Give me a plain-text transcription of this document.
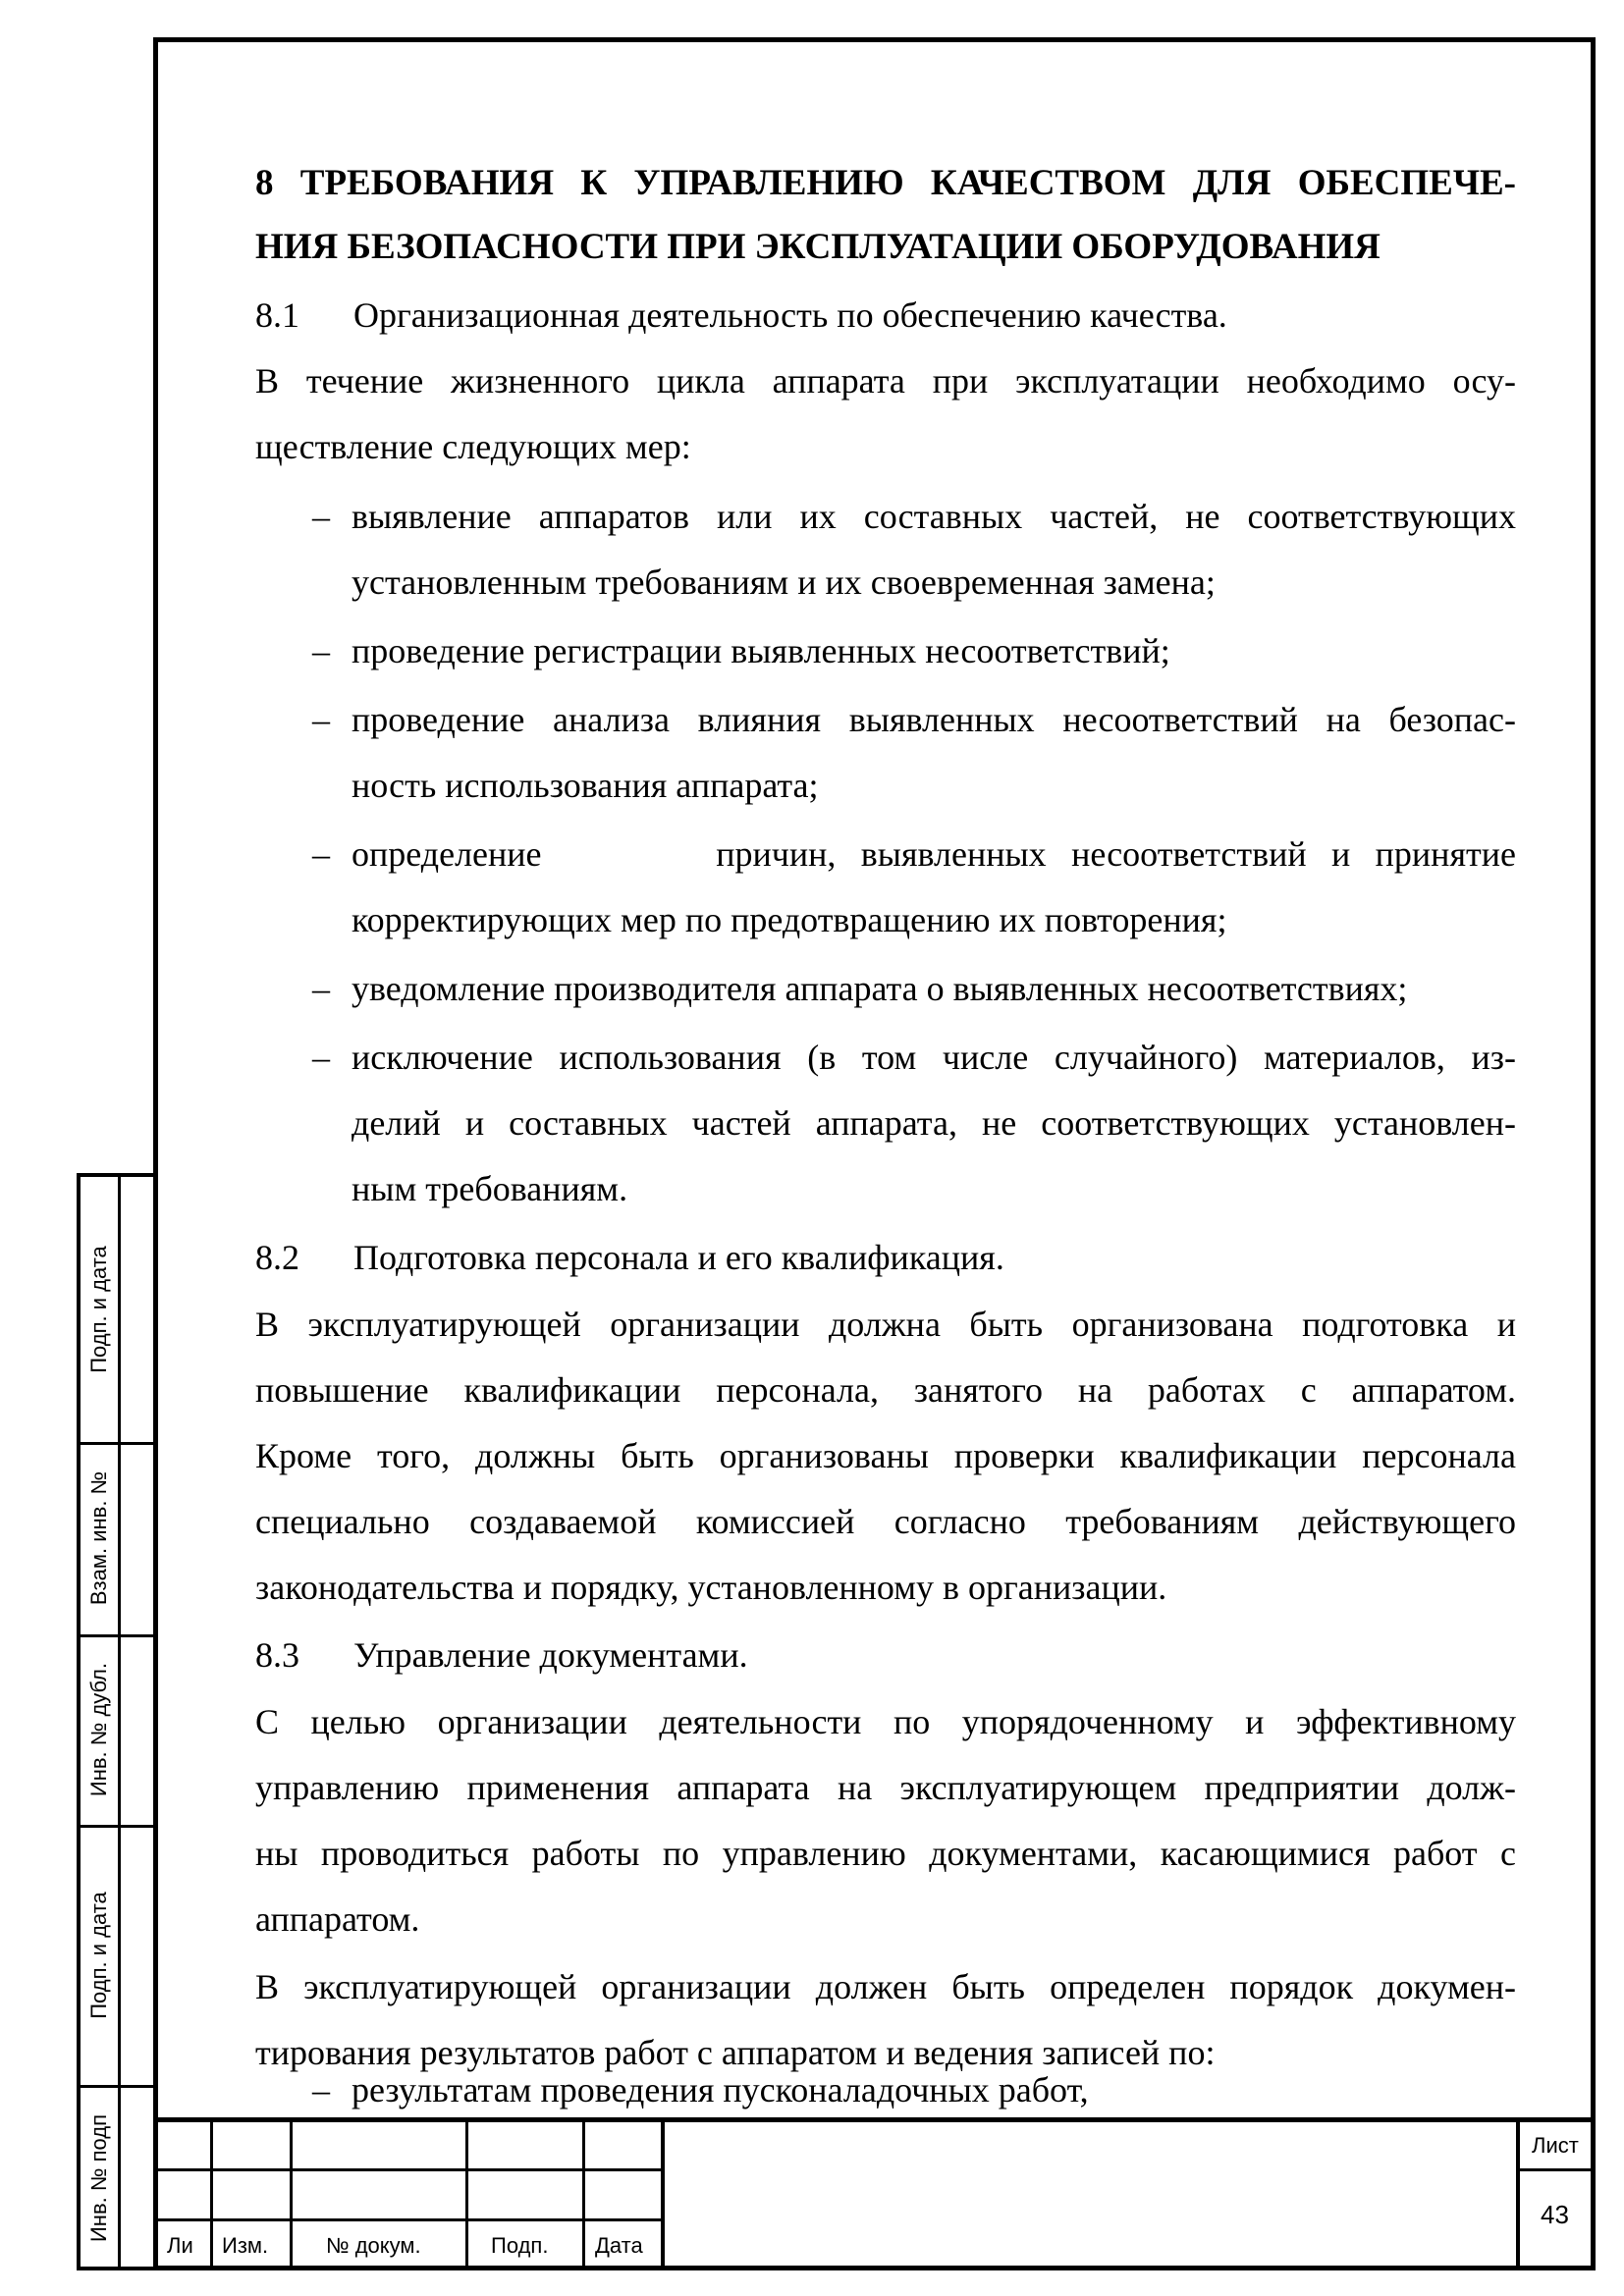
Подп. и дата
Взам. инв. №
Инв. № дубл.
Подп. и дата
Инв. № подп
8 ТРЕБОВАНИЯ К УПРАВЛЕНИЮ КАЧЕСТВОМ ДЛЯ ОБЕСПЕЧЕ-
НИЯ БЕЗОПАСНОСТИ ПРИ ЭКСПЛУАТАЦИИ ОБОРУДОВАНИЯ
8.1 Организационная деятельность по обеспечению качества.
В течение жизненного цикла аппарата при эксплуатации необходимо осу-
ществление следующих мер:
– выявление аппаратов или их составных частей, не соответствующих
установленным требованиям и их своевременная замена;
– проведение регистрации выявленных несоответствий;
– проведение анализа влияния выявленных несоответствий на безопас-
ность использования аппарата;
– определение       причин, выявленных несоответствий и принятие
корректирующих мер по предотвращению их повторения;
– уведомление производителя аппарата о выявленных несоответствиях;
– исключение использования (в том числе случайного) материалов, из-
делий и составных частей аппарата, не соответствующих установлен-
ным требованиям.
8.2 Подготовка персонала и его квалификация.
В эксплуатирующей организации должна быть организована подготовка и
повышение квалификации персонала, занятого на работах с аппаратом.
Кроме того, должны быть организованы проверки квалификации персонала
специально создаваемой комиссией согласно требованиям действующего
законодательства и порядку, установленному в организации.
8.3 Управление документами.
С целью организации деятельности по упорядоченному и эффективному
управлению применения аппарата на эксплуатирующем предприятии долж-
ны проводиться работы по управлению документами, касающимися работ с
аппаратом.
В эксплуатирующей организации должен быть определен порядок докумен-
тирования результатов работ с аппаратом и ведения записей по:
– результатам проведения пусконаладочных работ,
Ли Изм.	№ докум.	Подп. Дата
Лист
43
